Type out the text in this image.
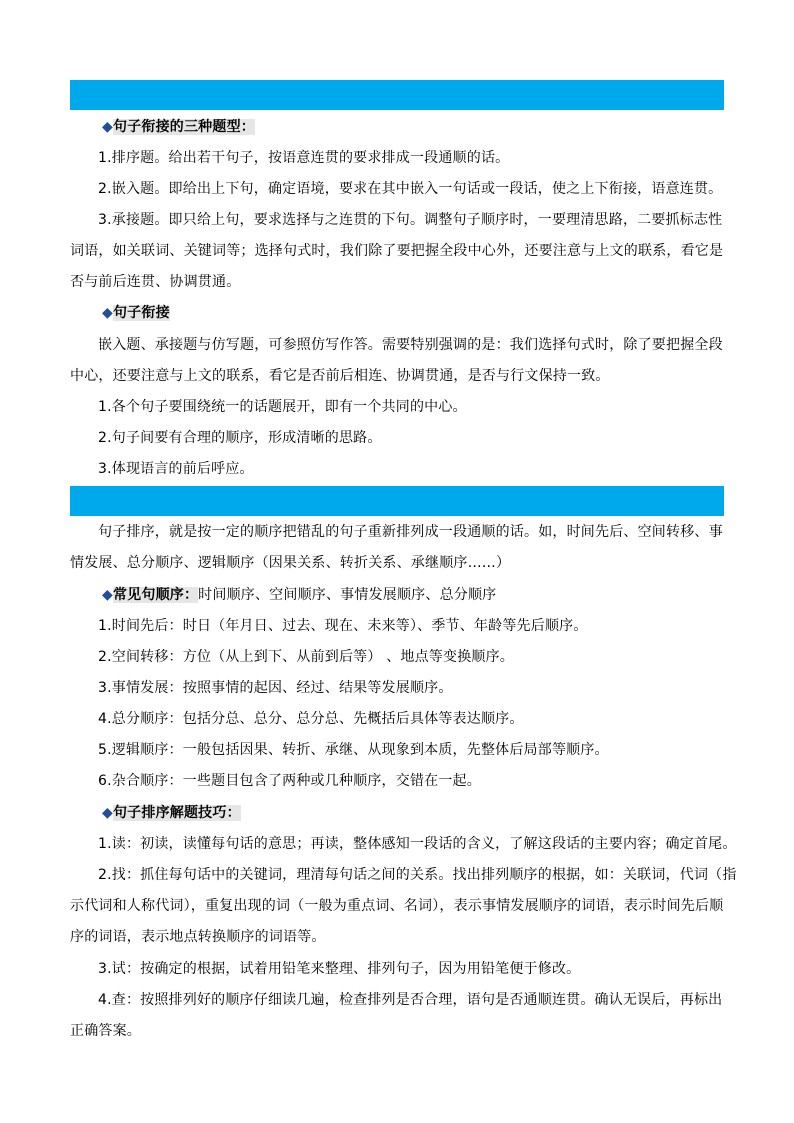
◆句子衔接的三种题型：
1.排序题。给出若干句子，按语意连贯的要求排成一段通顺的话。
2.嵌入题。即给出上下句，确定语境，要求在其中嵌入一句话或一段话，使之上下衔接，语意连贯。
3.承接题。即只给上句，要求选择与之连贯的下句。调整句子顺序时，一要理清思路，二要抓标志性
词语，如关联词、关键词等；选择句式时，我们除了要把握全段中心外，还要注意与上文的联系，看它是
否与前后连贯、协调贯通。
◆句子衔接
嵌入题、承接题与仿写题，可参照仿写作答。需要特别强调的是：我们选择句式时，除了要把握全段
中心，还要注意与上文的联系，看它是否前后相连、协调贯通，是否与行文保持一致。
1.各个句子要围绕统一的话题展开，即有一个共同的中心。
2.句子间要有合理的顺序，形成清晰的思路。
3.体现语言的前后呼应。
句子排序，就是按一定的顺序把错乱的句子重新排列成一段通顺的话。如，时间先后、空间转移、事
情发展、总分顺序、逻辑顺序（因果关系、转折关系、承继顺序……）
◆常见句顺序：时间顺序、空间顺序、事情发展顺序、总分顺序
1.时间先后：时日（年月日、过去、现在、未来等）、季节、年龄等先后顺序。
2.空间转移：方位（从上到下、从前到后等） 、地点等变换顺序。
3.事情发展：按照事情的起因、经过、结果等发展顺序。
4.总分顺序：包括分总、总分、总分总、先概括后具体等表达顺序。
5.逻辑顺序：一般包括因果、转折、承继、从现象到本质，先整体后局部等顺序。
6.杂合顺序：一些题目包含了两种或几种顺序，交错在一起。
◆句子排序解题技巧：
1.读：初读，读懂每句话的意思；再读，整体感知一段话的含义，了解这段话的主要内容；确定首尾。
2.找：抓住每句话中的关键词，理清每句话之间的关系。找出排列顺序的根据，如：关联词，代词（指
示代词和人称代词），重复出现的词（一般为重点词、名词），表示事情发展顺序的词语，表示时间先后顺
序的词语，表示地点转换顺序的词语等。
3.试：按确定的根据，试着用铅笔来整理、排列句子，因为用铅笔便于修改。
4.查：按照排列好的顺序仔细读几遍，检查排列是否合理，语句是否通顺连贯。确认无误后，再标出
正确答案。
